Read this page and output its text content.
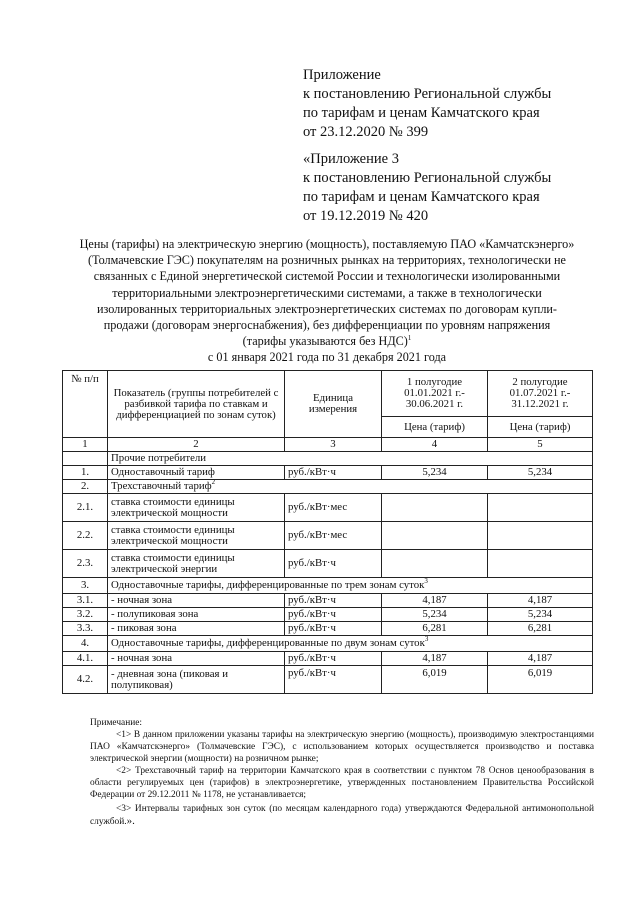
Приложение
к постановлению Региональной службы
по тарифам и ценам Камчатского края
от 23.12.2020 № 399
«Приложение 3
к постановлению Региональной службы
по тарифам и ценам Камчатского края
от 19.12.2019 № 420
Цены (тарифы) на электрическую энергию (мощность), поставляемую ПАО «Камчатскэнерго»
(Толмачевские ГЭС) покупателям на розничных рынках на территориях, технологически не
связанных с Единой энергетической системой России и технологически изолированными
территориальными электроэнергетическими системами, а также в технологически
изолированных территориальных электроэнергетических системах по договорам купли-
продажи (договорам энергоснабжения), без дифференциации по уровням напряжения
(тарифы указываются без НДС)$^1$
с 01 января 2021 года по 31 декабря 2021 года
№ п/п	Показатель (группы потребителей с разбивкой тарифа по ставкам и дифференциацией по зонам суток)	Единица измерения	1 полугодие 01.01.2021 г.- 30.06.2021 г.	2 полугодие 01.07.2021 г.- 31.12.2021 г.
			Цена (тариф)	Цена (тариф)
1	2	3	4	5
	Прочие потребители			
1.	Одноставочный тариф	руб./кВт·ч	5,234	5,234
2.	Трехставочный тариф$^2$
2.1.	ставка стоимости единицы электрической мощности	руб./кВт·мес		
2.2.	ставка стоимости единицы электрической мощности	руб./кВт·мес		
2.3.	ставка стоимости единицы электрической энергии	руб./кВт·ч		
3.	Одноставочные тарифы, дифференцированные по трем зонам суток$^3$
3.1.	- ночная зона	руб./кВт·ч	4,187	4,187
3.2.	- полупиковая зона	руб./кВт·ч	5,234	5,234
3.3.	- пиковая зона	руб./кВт·ч	6,281	6,281
4.	Одноставочные тарифы, дифференцированные по двум зонам суток$^3$
4.1.	- ночная зона	руб./кВт·ч	4,187	4,187
4.2.	- дневная зона (пиковая и полупиковая)	руб./кВт·ч	6,019	6,019

Примечание:

<1> В данном приложении указаны тарифы на электрическую энергию (мощность), производимую электростанциями ПАО «Камчатскэнерго» (Толмачевские ГЭС), с использованием которых осуществляется производство и поставка электрической энергии (мощности) на розничном рынке;

<2> Трехставочный тариф на территории Камчатского края в соответствии с пунктом 78 Основ ценообразования в области регулируемых цен (тарифов) в электроэнергетике, утвержденных постановлением Правительства Российской Федерации от 29.12.2011 № 1178, не устанавливается;

<3> Интервалы тарифных зон суток (по месяцам календарного года) утверждаются Федеральной антимонопольной службой.».
